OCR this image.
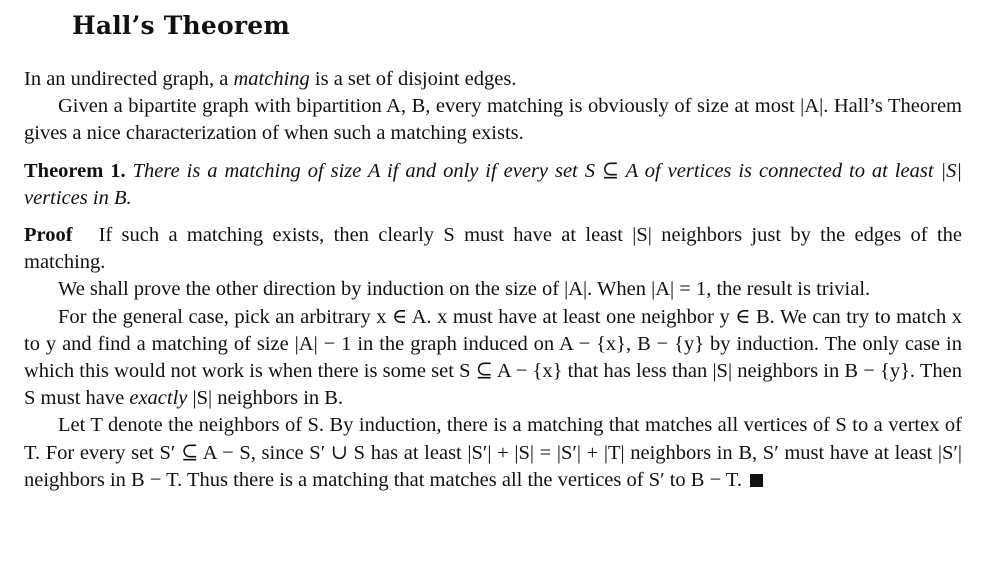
Hall’s Theorem

In an undirected graph, a matching is a set of disjoint edges.

Given a bipartite graph with bipartition A, B, every matching is obviously of size at most |A|. Hall’s Theorem gives a nice characterization of when such a matching exists.

Theorem 1. There is a matching of size A if and only if every set S ⊆ A of vertices is connected to at least |S| vertices in B.

Proof If such a matching exists, then clearly S must have at least |S| neighbors just by the edges of the matching.

We shall prove the other direction by induction on the size of |A|. When |A| = 1, the result is trivial.

For the general case, pick an arbitrary x ∈ A. x must have at least one neighbor y ∈ B. We can try to match x to y and find a matching of size |A| − 1 in the graph induced on A − {x}, B − {y} by induction. The only case in which this would not work is when there is some set S ⊆ A − {x} that has less than |S| neighbors in B − {y}. Then S must have exactly |S| neighbors in B.

Let T denote the neighbors of S. By induction, there is a matching that matches all vertices of S to a vertex of T. For every set S′ ⊆ A − S, since S′ ∪ S has at least |S′| + |S| = |S′| + |T| neighbors in B, S′ must have at least |S′| neighbors in B − T. Thus there is a matching that matches all the vertices of S′ to B − T.
